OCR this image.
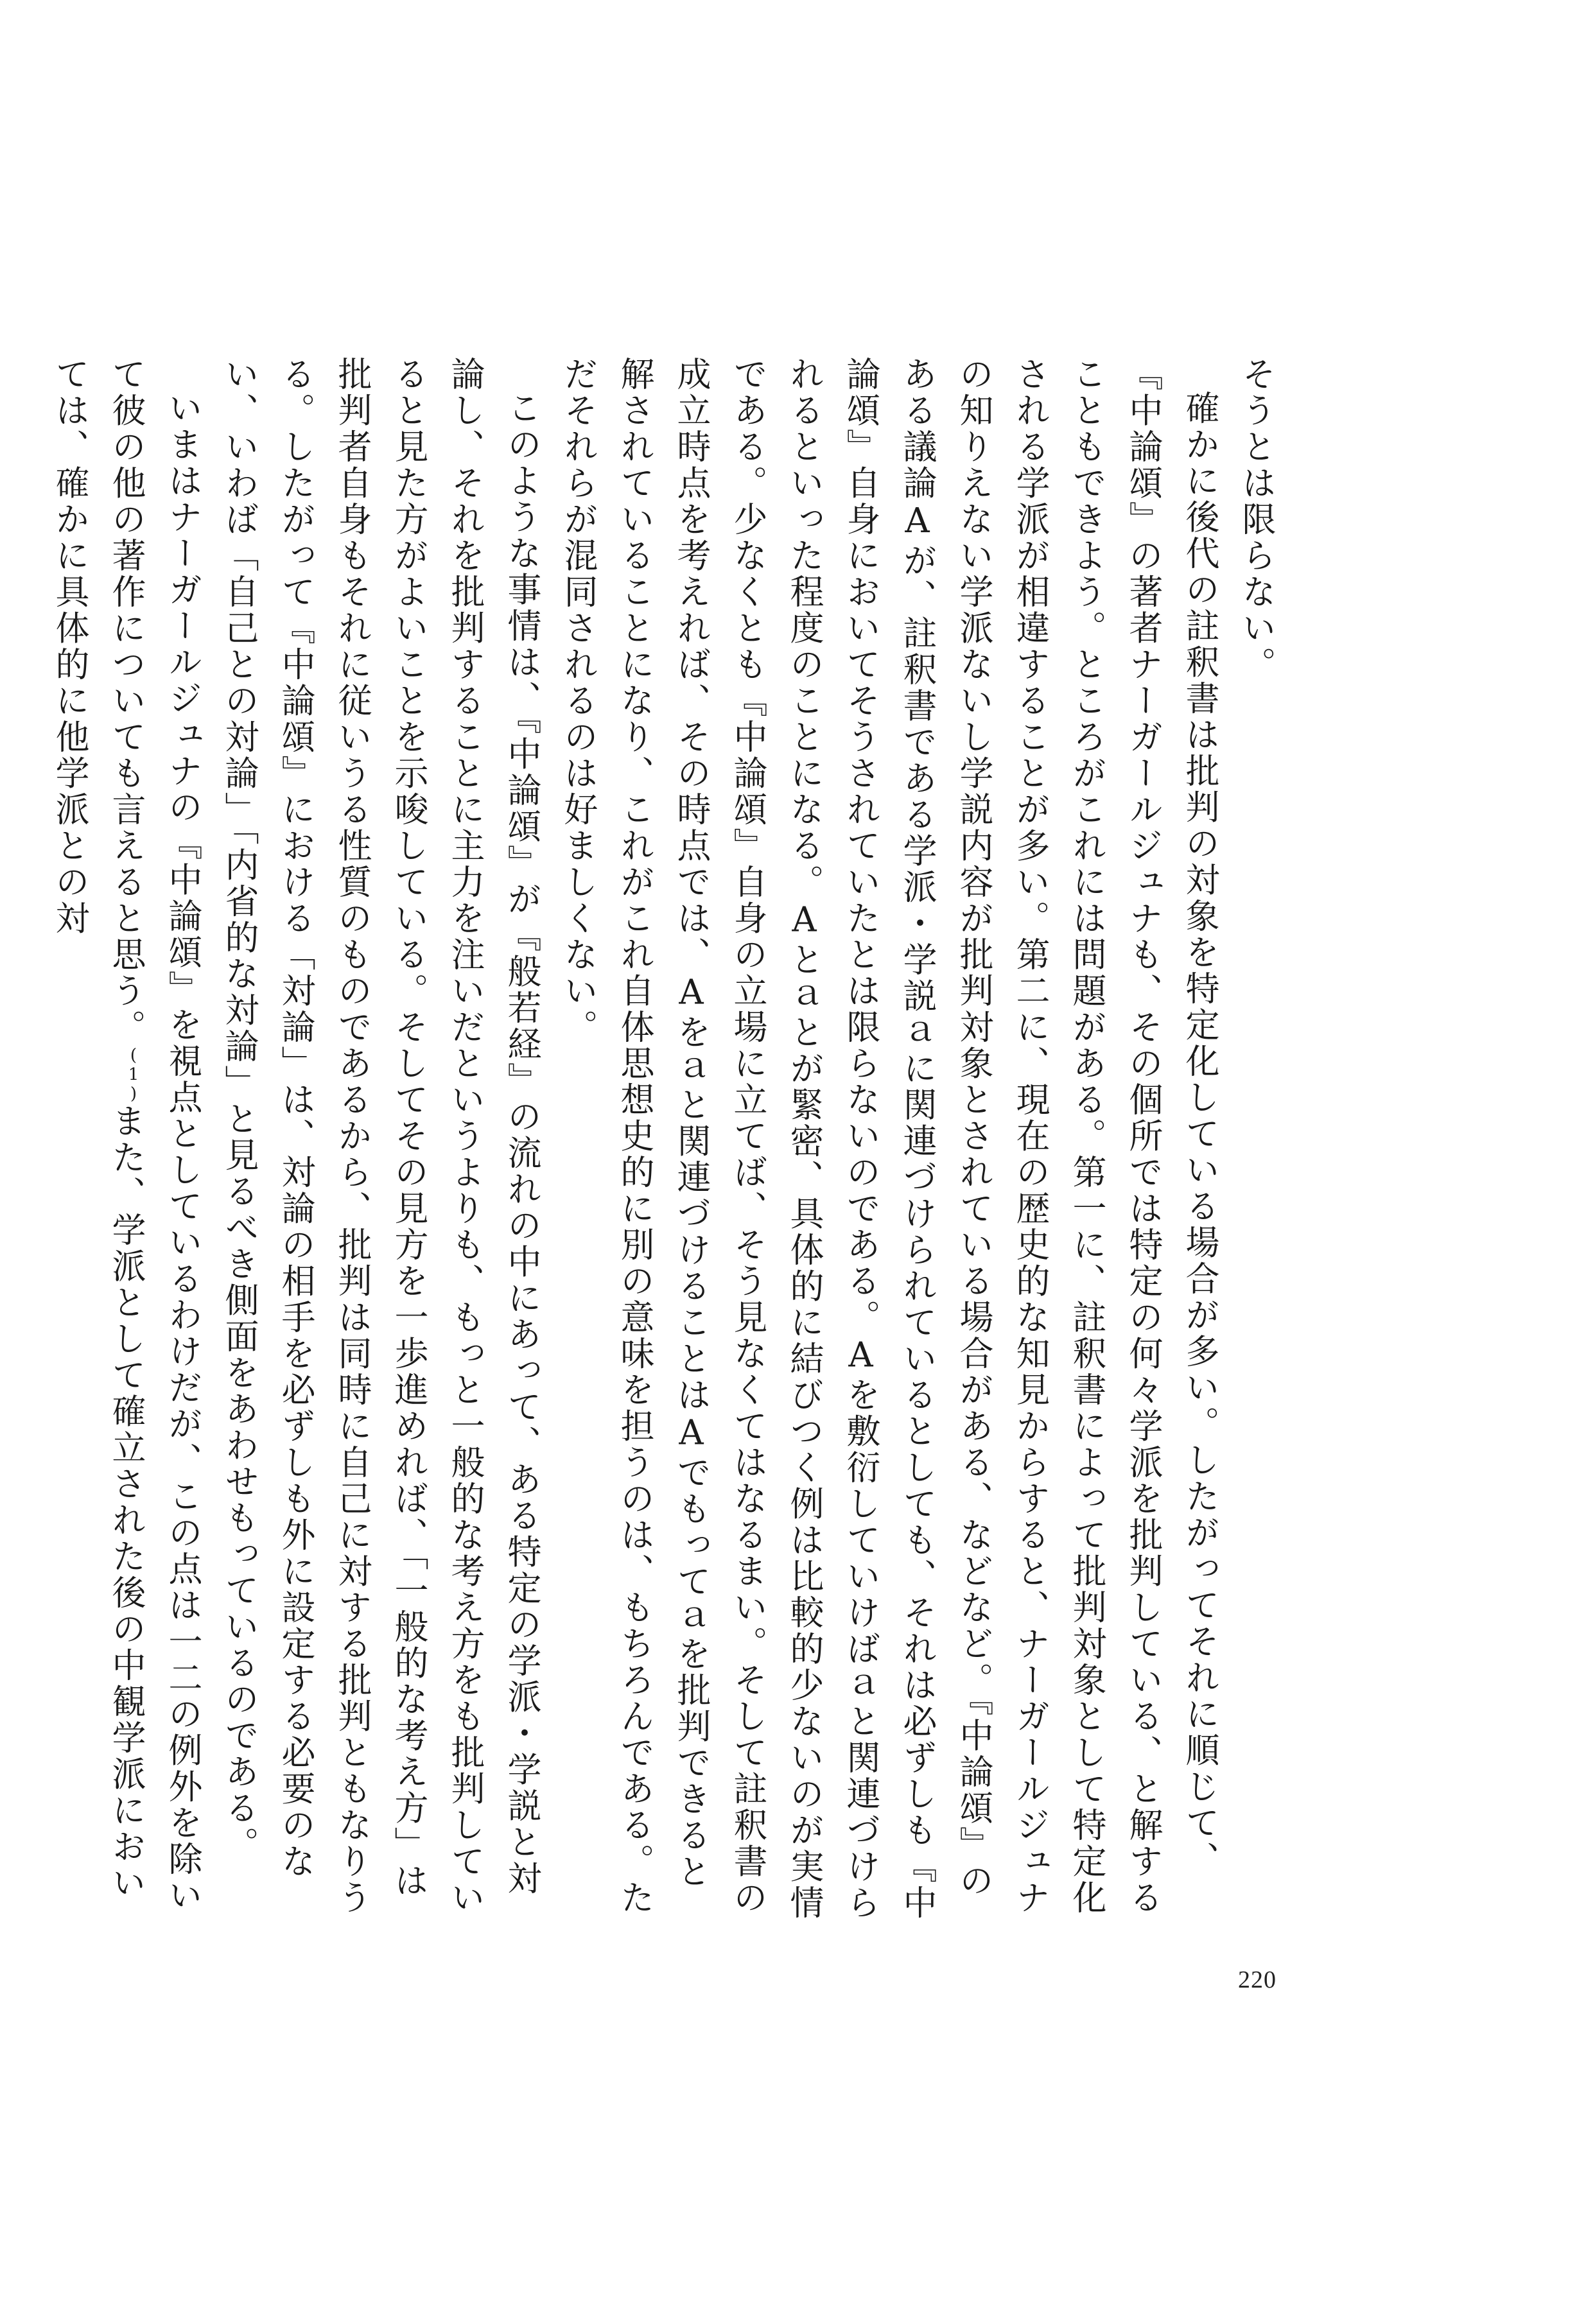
そうとは限らない。

確かに後代の註釈書は批判の対象を特定化している場合が多い。したがってそれに順じて、『中論頌』の著者ナーガールジュナも、その個所では特定の何々学派を批判している、と解することもできよう。ところがこれには問題がある。第一に、註釈書によって批判対象として特定化される学派が相違することが多い。第二に、現在の歴史的な知見からすると、ナーガールジュナの知りえない学派ないし学説内容が批判対象とされている場合がある、などなど。『中論頌』のある議論Aが、註釈書である学派・学説ａに関連づけられているとしても、それは必ずしも『中論頌』自身においてそうされていたとは限らないのである。Aを敷衍していけばａと関連づけられるといった程度のことになる。Aとａとが緊密、具体的に結びつく例は比較的少ないのが実情である。少なくとも『中論頌』自身の立場に立てば、そう見なくてはなるまい。そして註釈書の成立時点を考えれば、その時点では、Aをａと関連づけることはAでもってａを批判できると解されていることになり、これがこれ自体思想史的に別の意味を担うのは、もちろんである。ただそれらが混同されるのは好ましくない。

このような事情は、『中論頌』が『般若経』の流れの中にあって、ある特定の学派・学説と対論し、それを批判することに主力を注いだというよりも、もっと一般的な考え方をも批判していると見た方がよいことを示唆している。そしてその見方を一歩進めれば、「一般的な考え方」は批判者自身もそれに従いうる性質のものであるから、批判は同時に自己に対する批判ともなりうる。したがって『中論頌』における「対論」は、対論の相手を必ずしも外に設定する必要のない、いわば「自己との対論」「内省的な対論」と見るべき側面をあわせもっているのである。

いまはナーガールジュナの『中論頌』を視点としているわけだが、この点は一二の例外を除いて彼の他の著作についても言えると思う。(1)また、学派として確立された後の中観学派においては、確かに具体的に他学派との対

220
